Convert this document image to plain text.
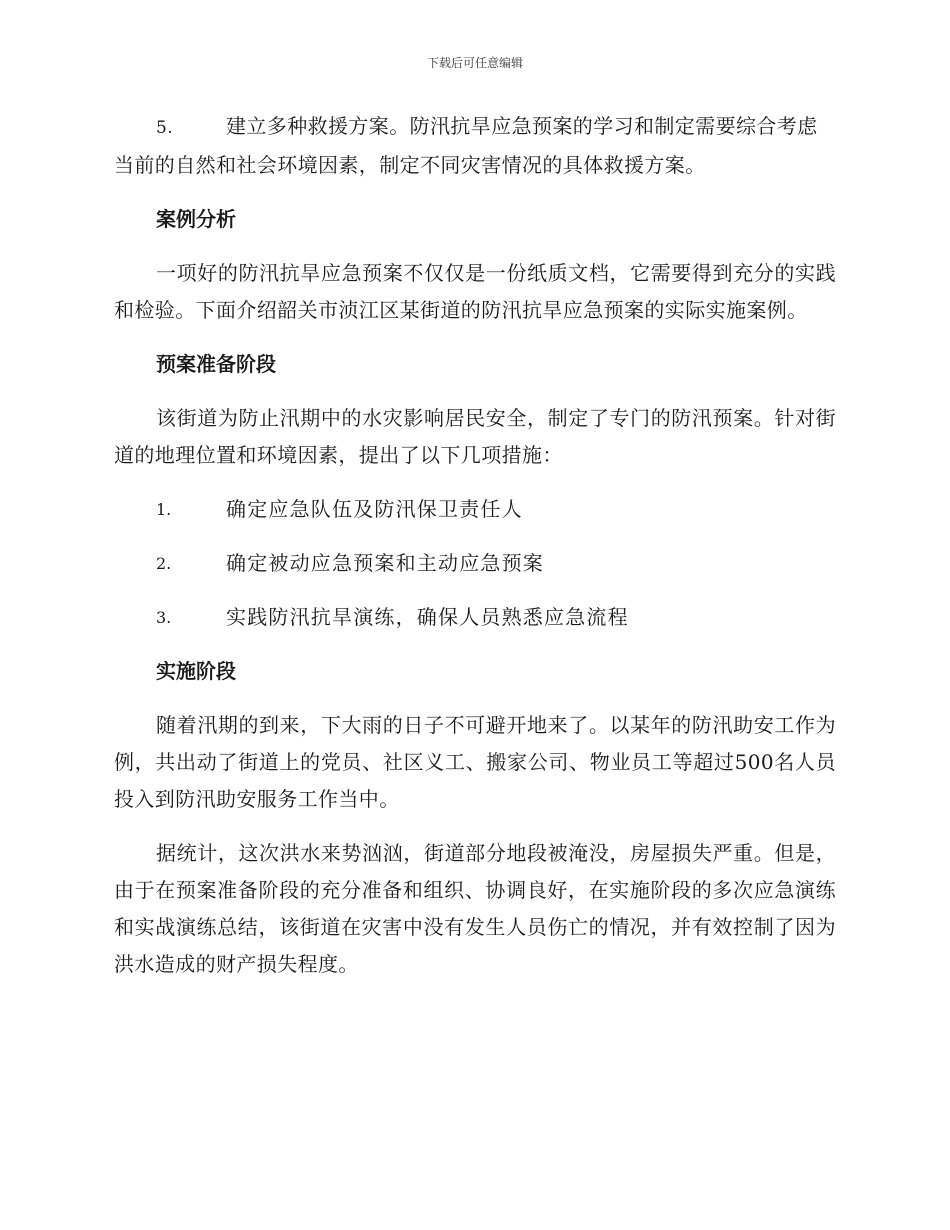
下载后可任意编辑
5.	建立多种救援方案。防汛抗旱应急预案的学习和制定需要综合考虑当前的自然和社会环境因素，制定不同灾害情况的具体救援方案。
案例分析

一项好的防汛抗旱应急预案不仅仅是一份纸质文档，它需要得到充分的实践和检验。下面介绍韶关市浈江区某街道的防汛抗旱应急预案的实际实施案例。

预案准备阶段

该街道为防止汛期中的水灾影响居民安全，制定了专门的防汛预案。针对街道的地理位置和环境因素，提出了以下几项措施：

1.	确定应急队伍及防汛保卫责任人
2.	确定被动应急预案和主动应急预案
3.	实践防汛抗旱演练，确保人员熟悉应急流程
实施阶段

随着汛期的到来，下大雨的日子不可避开地来了。以某年的防汛助安工作为例，共出动了街道上的党员、社区义工、搬家公司、物业员工等超过500名人员投入到防汛助安服务工作当中。

据统计，这次洪水来势汹汹，街道部分地段被淹没，房屋损失严重。但是，由于在预案准备阶段的充分准备和组织、协调良好，在实施阶段的多次应急演练和实战演练总结，该街道在灾害中没有发生人员伤亡的情况，并有效控制了因为洪水造成的财产损失程度。
